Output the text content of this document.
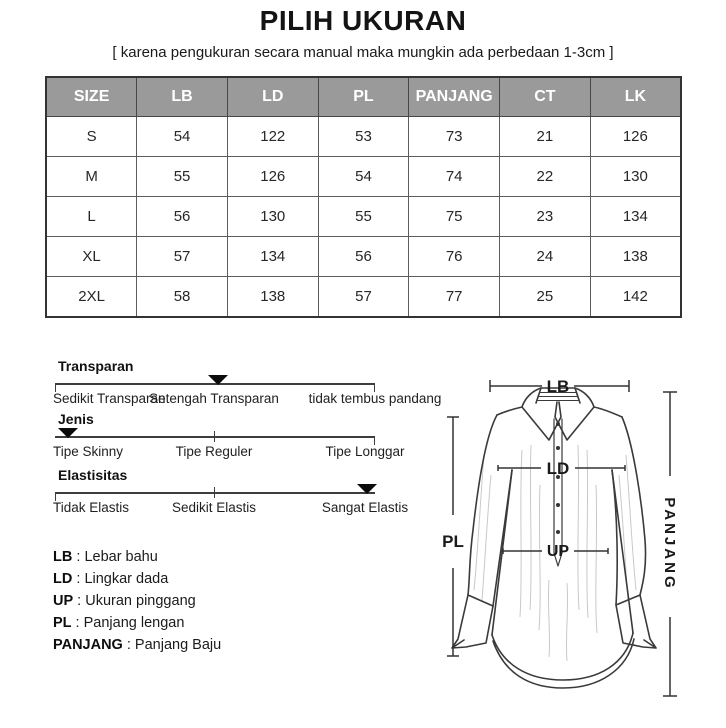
PILIH UKURAN
[ karena pengukuran secara manual maka mungkin ada perbedaan 1-3cm ]
SIZE	LB	LD	PL	PANJANG	CT	LK
S	54	122	53	73	21	126
M	55	126	54	74	22	130
L	56	130	55	75	23	134
XL	57	134	56	76	24	138
2XL	58	138	57	77	25	142
Transparan
Sedikit Transparan
Setengah Transparan tidak tembus pandang
Jenis
Tipe Skinny	Tipe Reguler	Tipe Longgar
Elastisitas
Tidak Elastis	Sedikit Elastis	Sangat Elastis
LB : Lebar bahu
LD : Lingkar dada
UP : Ukuran pinggang
PL : Panjang lengan
PANJANG : Panjang Baju
LB
LD
UP
PL	PANJANG
